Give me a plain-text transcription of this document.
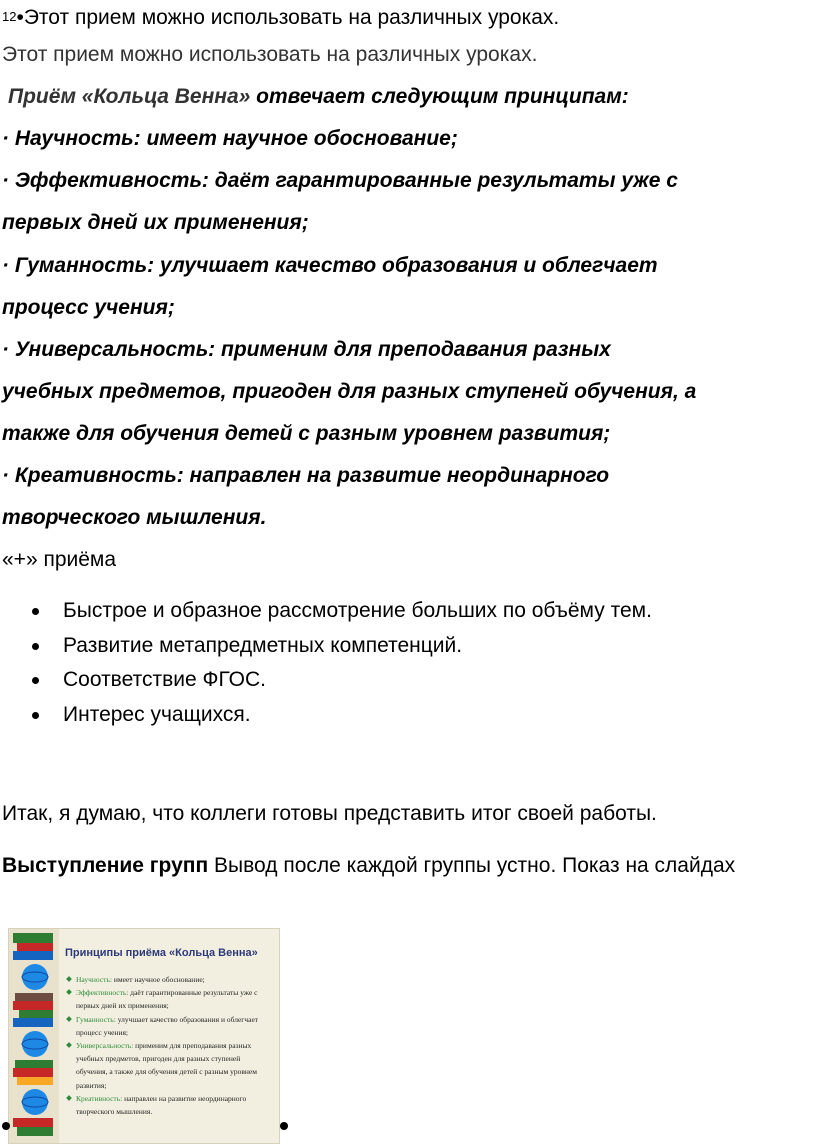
12•Этот прием можно использовать на различных уроках.
Этот прием можно использовать на различных уроках.
Приём «Кольца Венна» отвечает следующим принципам:
· Научность: имеет научное обоснование;
· Эффективность: даёт гарантированные результаты уже с
первых дней их применения;
· Гуманность: улучшает качество образования и облегчает
процесс учения;
· Универсальность: применим для преподавания разных
учебных предметов, пригоден для разных ступеней обучения, а
также для обучения детей с разным уровнем развития;
· Креативность: направлен на развитие неординарного
творческого мышления.
«+» приёма
Быстрое и образное рассмотрение больших по объёму тем.
Развитие метапредметных компетенций.
Соответствие ФГОС.
Интерес учащихся.
Итак, я думаю, что коллеги готовы представить итог своей работы.
Выступление групп Вывод после каждой группы устно. Показ на слайдах
Принципы приёма «Кольца Венна»
Научность: имеет научное обоснование;
Эффективность: даёт гарантированные результаты уже с первых дней их применения;
Гуманность: улучшает качество образования и облегчает процесс учения;
Универсальность: применим для преподавания разных учебных предметов, пригоден для разных ступеней обучения, а также для обучения детей с разным уровнем развития;
Креативность: направлен на развитие неординарного творческого мышления.
